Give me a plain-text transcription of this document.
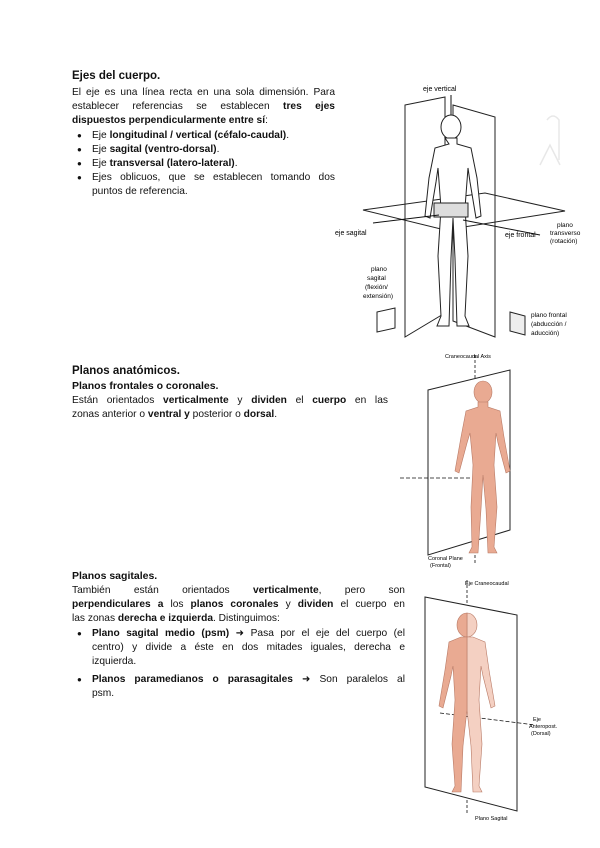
Ejes del cuerpo.
El eje es una línea recta en una sola dimensión. Para
establecer referencias se establecen tres ejes
dispuestos perpendicularmente entre sí:
● Eje longitudinal / vertical (céfalo-caudal).
● Eje sagital (ventro-dorsal).
● Eje transversal (latero-lateral).
● Ejes oblicuos, que se establecen tomando dos
puntos de referencia.
eje vertical
eje sagital	eje frontal
plano
transverso
(rotación)
plano
sagital
(flexión/
extensión)
plano frontal
(abducción /
aducción)
Planos anatómicos.
Planos frontales o coronales.
Están orientados verticalmente y dividen el cuerpo en las
zonas anterior o ventral y posterior o dorsal.
Craneocaudal Axis
Coronal Plane
(Frontal)
Planos sagitales.
También están orientados verticalmente, pero son
perpendiculares a los planos coronales y dividen el cuerpo en
las zonas derecha e izquierda. Distinguimos:
● Plano sagital medio (psm) ➜ Pasa por el eje del cuerpo (el
centro) y divide a éste en dos mitades iguales, derecha e
izquierda.
● Planos paramedianos o parasagitales ➜ Son paralelos al
psm.
Eje Craneocaudal
Eje
Anteropost.
(Dorsal)
Plano Sagital
